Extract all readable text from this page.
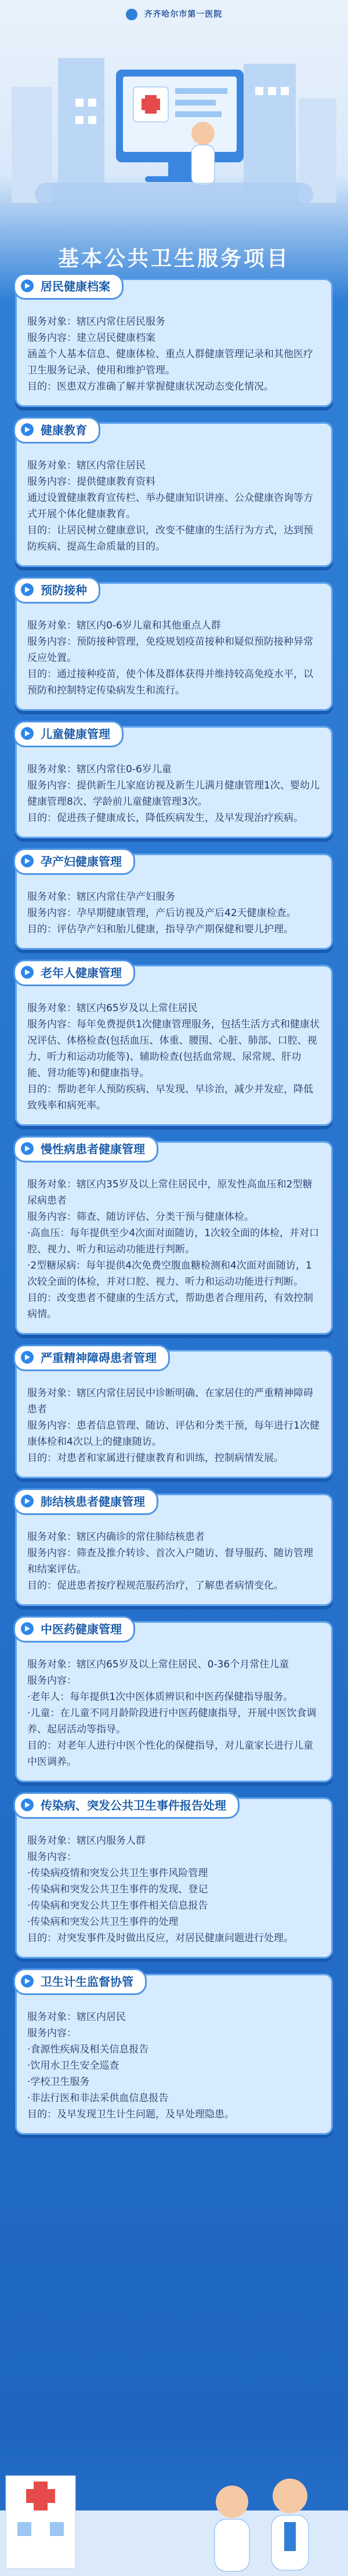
齐齐哈尔市第一医院
基本公共卫生服务项目
居民健康档案

服务对象：辖区内常住居民服务

服务内容：建立居民健康档案

涵盖个人基本信息、健康体检、重点人群健康管理记录和其他医疗卫生服务记录、使用和维护管理。

目的：医患双方准确了解并掌握健康状况动态变化情况。

健康教育

服务对象：辖区内常住居民

服务内容：提供健康教育资料

通过设置健康教育宣传栏、举办健康知识讲座、公众健康咨询等方式开展个体化健康教育。

目的：让居民树立健康意识，改变不健康的生活行为方式，达到预防疾病、提高生命质量的目的。

预防接种

服务对象：辖区内0-6岁儿童和其他重点人群

服务内容：预防接种管理，免疫规划疫苗接种和疑似预防接种异常反应处置。

目的：通过接种疫苗，使个体及群体获得并维持较高免疫水平，以预防和控制特定传染病发生和流行。

儿童健康管理

服务对象：辖区内常住0-6岁儿童

服务内容：提供新生儿家庭访视及新生儿满月健康管理1次、婴幼儿健康管理8次、学龄前儿童健康管理3次。

目的：促进孩子健康成长，降低疾病发生，及早发现治疗疾病。

孕产妇健康管理

服务对象：辖区内常住孕产妇服务

服务内容：孕早期健康管理，产后访视及产后42天健康检查。

目的：评估孕产妇和胎儿健康，指导孕产期保健和婴儿护理。

老年人健康管理

服务对象：辖区内65岁及以上常住居民

服务内容：每年免费提供1次健康管理服务，包括生活方式和健康状况评估、体格检查(包括血压、体重、腰围、心脏、肺部、口腔、视力、听力和运动功能等)、辅助检查(包括血常规、尿常规、肝功能、肾功能等)和健康指导。

目的：帮助老年人预防疾病、早发现、早诊治，减少并发症，降低致残率和病死率。

慢性病患者健康管理

服务对象：辖区内35岁及以上常住居民中，原发性高血压和2型糖尿病患者

服务内容：筛查、随访评估、分类干预与健康体检。

·高血压：每年提供至少4次面对面随访，1次较全面的体检，并对口腔、视力、听力和运动功能进行判断。

·2型糖尿病：每年提供4次免费空腹血糖检测和4次面对面随访，1次较全面的体检，并对口腔、视力、听力和运动功能进行判断。

目的：改变患者不健康的生活方式，帮助患者合理用药，有效控制病情。

严重精神障碍患者管理

服务对象：辖区内常住居民中诊断明确、在家居住的严重精神障碍患者

服务内容：患者信息管理、随访、评估和分类干预，每年进行1次健康体检和4次以上的健康随访。

目的：对患者和家属进行健康教育和训练，控制病情发展。

肺结核患者健康管理

服务对象：辖区内确诊的常住肺结核患者

服务内容：筛查及推介转诊、首次入户随访、督导服药、随访管理和结案评估。

目的：促进患者按疗程规范服药治疗，了解患者病情变化。

中医药健康管理

服务对象：辖区内65岁及以上常住居民、0-36个月常住儿童

服务内容：

·老年人：每年提供1次中医体质辨识和中医药保健指导服务。

·儿童：在儿童不同月龄阶段进行中医药健康指导，开展中医饮食调养、起居活动等指导。

目的：对老年人进行中医个性化的保健指导，对儿童家长进行儿童中医调养。

传染病、突发公共卫生事件报告处理

服务对象：辖区内服务人群

服务内容：

·传染病疫情和突发公共卫生事件风险管理

·传染病和突发公共卫生事件的发现、登记

·传染病和突发公共卫生事件相关信息报告

·传染病和突发公共卫生事件的处理

目的：对突发事件及时做出反应，对居民健康问题进行处理。

卫生计生监督协管

服务对象：辖区内居民

服务内容：

·食源性疾病及相关信息报告

·饮用水卫生安全巡查

·学校卫生服务

·非法行医和非法采供血信息报告

目的：及早发现卫生计生问题，及早处理隐患。
